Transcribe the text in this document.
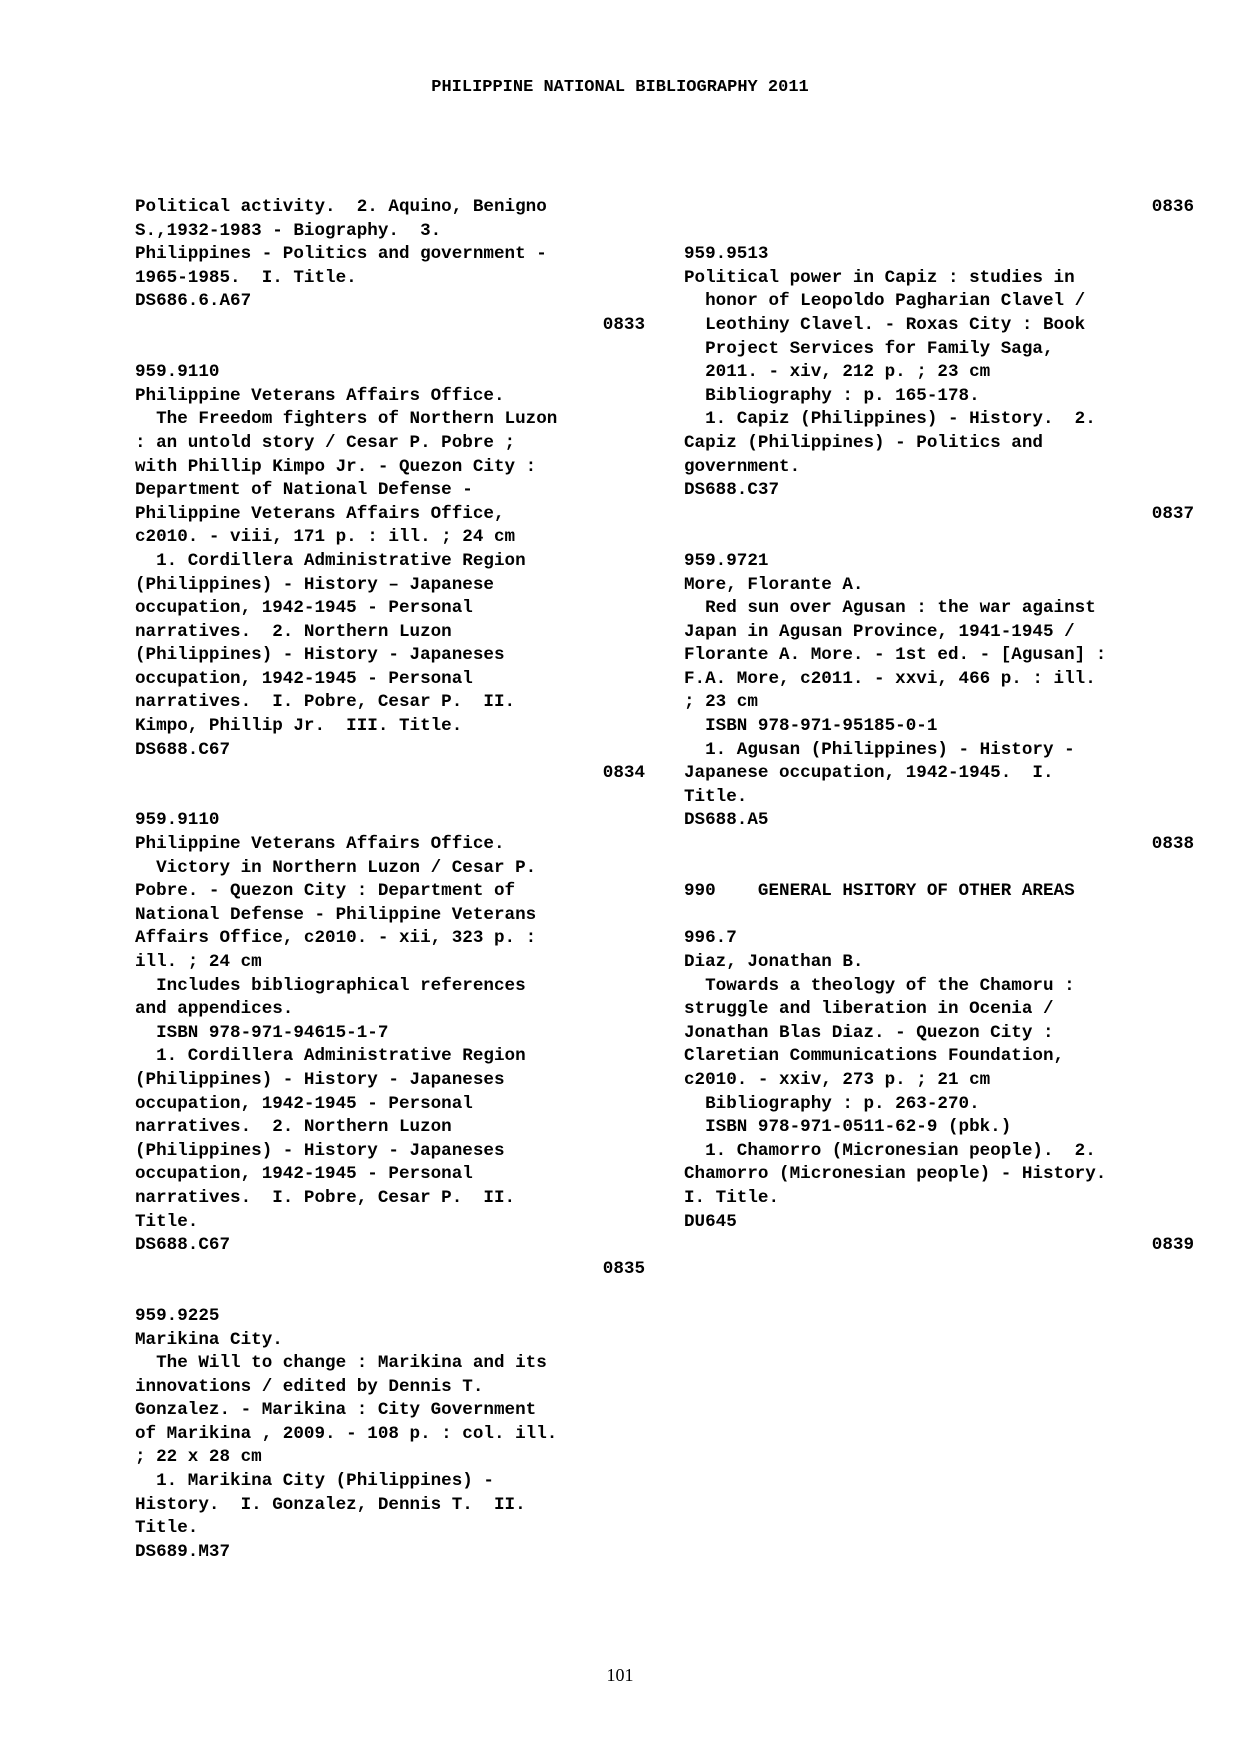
PHILIPPINE NATIONAL BIBLIOGRAPHY 2011
Political activity.  2. Aquino, Benigno
S.,1932-1983 - Biography.  3.
Philippines - Politics and government -
1965-1985.  I. Title.
DS686.6.A67
0833
959.9110
Philippine Veterans Affairs Office.
The Freedom fighters of Northern Luzon
: an untold story / Cesar P. Pobre ;
with Phillip Kimpo Jr. - Quezon City :
Department of National Defense -
Philippine Veterans Affairs Office,
c2010. - viii, 171 p. : ill. ; 24 cm
1. Cordillera Administrative Region
(Philippines) - History – Japanese
occupation, 1942-1945 - Personal
narratives.  2. Northern Luzon
(Philippines) - History - Japaneses
occupation, 1942-1945 - Personal
narratives.  I. Pobre, Cesar P.  II.
Kimpo, Phillip Jr.  III. Title.
DS688.C67
0834
959.9110
Philippine Veterans Affairs Office.
Victory in Northern Luzon / Cesar P.
Pobre. - Quezon City : Department of
National Defense - Philippine Veterans
Affairs Office, c2010. - xii, 323 p. :
ill. ; 24 cm
Includes bibliographical references
and appendices.
ISBN 978-971-94615-1-7
1. Cordillera Administrative Region
(Philippines) - History - Japaneses
occupation, 1942-1945 - Personal
narratives.  2. Northern Luzon
(Philippines) - History - Japaneses
occupation, 1942-1945 - Personal
narratives.  I. Pobre, Cesar P.  II.
Title.
DS688.C67
0835
959.9225
Marikina City.
The Will to change : Marikina and its
innovations / edited by Dennis T.
Gonzalez. - Marikina : City Government
of Marikina , 2009. - 108 p. : col. ill.
; 22 x 28 cm
1. Marikina City (Philippines) -
History.  I. Gonzalez, Dennis T.  II.
Title.
DS689.M37
0836
959.9513
Political power in Capiz : studies in
honor of Leopoldo Pagharian Clavel /
Leothiny Clavel. - Roxas City : Book
Project Services for Family Saga,
2011. - xiv, 212 p. ; 23 cm
Bibliography : p. 165-178.
1. Capiz (Philippines) - History.  2.
Capiz (Philippines) - Politics and
government.
DS688.C37
0837
959.9721
More, Florante A.
Red sun over Agusan : the war against
Japan in Agusan Province, 1941-1945 /
Florante A. More. - 1st ed. - [Agusan] :
F.A. More, c2011. - xxvi, 466 p. : ill.
; 23 cm
ISBN 978-971-95185-0-1
1. Agusan (Philippines) - History -
Japanese occupation, 1942-1945.  I.
Title.
DS688.A5
0838
990    GENERAL HSITORY OF OTHER AREAS
996.7
Diaz, Jonathan B.
Towards a theology of the Chamoru :
struggle and liberation in Ocenia /
Jonathan Blas Diaz. - Quezon City :
Claretian Communications Foundation,
c2010. - xxiv, 273 p. ; 21 cm
Bibliography : p. 263-270.
ISBN 978-971-0511-62-9 (pbk.)
1. Chamorro (Micronesian people).  2.
Chamorro (Micronesian people) - History.
I. Title.
DU645
0839
101
